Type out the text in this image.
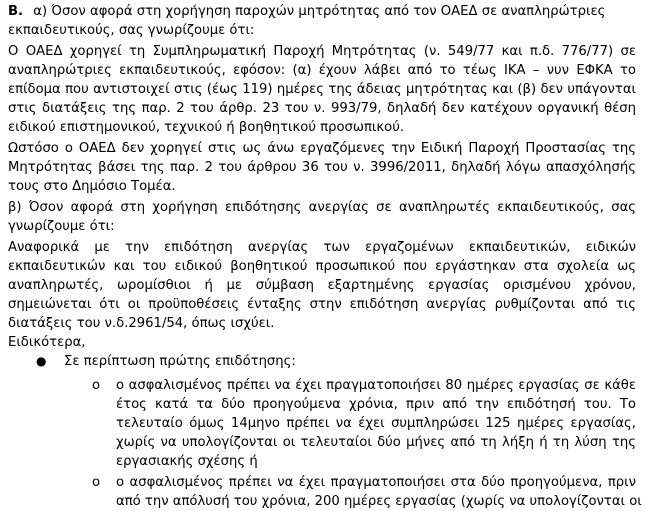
Β. α) Όσον αφορά στη χορήγηση παροχών μητρότητας από τον ΟΑΕΔ σε αναπληρώτριες
εκπαιδευτικούς, σας γνωρίζουμε ότι:
Ο ΟΑΕΔ χορηγεί τη Συμπληρωματική Παροχή Μητρότητας (ν. 549/77 και π.δ. 776/77) σε
αναπληρώτριες εκπαιδευτικούς, εφόσον: (α) έχουν λάβει από το τέως ΙΚΑ – νυν ΕΦΚΑ το
επίδομα που αντιστοιχεί στις (έως 119) ημέρες της άδειας μητρότητας και (β) δεν υπάγονται
στις διατάξεις της παρ. 2 του άρθρ. 23 του ν. 993/79, δηλαδή δεν κατέχουν οργανική θέση
ειδικού επιστημονικού, τεχνικού ή βοηθητικού προσωπικού.
Ωστόσο ο ΟΑΕΔ δεν χορηγεί στις ως άνω εργαζόμενες την Ειδική Παροχή Προστασίας της
Μητρότητας βάσει της παρ. 2 του άρθρου 36 του ν. 3996/2011, δηλαδή λόγω απασχόλησής
τους στο Δημόσιο Τομέα.
β) Όσον αφορά στη χορήγηση επιδότησης ανεργίας σε αναπληρωτές εκπαιδευτικούς, σας
γνωρίζουμε ότι:
Αναφορικά με την επιδότηση ανεργίας των εργαζομένων εκπαιδευτικών, ειδικών
εκπαιδευτικών και του ειδικού βοηθητικού προσωπικού που εργάστηκαν στα σχολεία ως
αναπληρωτές, ωρομίσθιοι ή με σύμβαση εξαρτημένης εργασίας ορισμένου χρόνου,
σημειώνεται ότι οι προϋποθέσεις ένταξης στην επιδότηση ανεργίας ρυθμίζονται από τις
διατάξεις του ν.δ.2961/54, όπως ισχύει.
Ειδικότερα,
● Σε περίπτωση πρώτης επιδότησης:
o ο ασφαλισμένος πρέπει να έχει πραγματοποιήσει 80 ημέρες εργασίας σε κάθε
έτος κατά τα δύο προηγούμενα χρόνια, πριν από την επιδότησή του. Το
τελευταίο όμως 14μηνο πρέπει να έχει συμπληρώσει 125 ημέρες εργασίας,
χωρίς να υπολογίζονται οι τελευταίοι δύο μήνες από τη λήξη ή τη λύση της
εργασιακής σχέσης ή
o ο ασφαλισμένος πρέπει να έχει πραγματοποιήσει στα δύο προηγούμενα, πριν
από την απόλυσή του χρόνια, 200 ημέρες εργασίας (χωρίς να υπολογίζονται οι
